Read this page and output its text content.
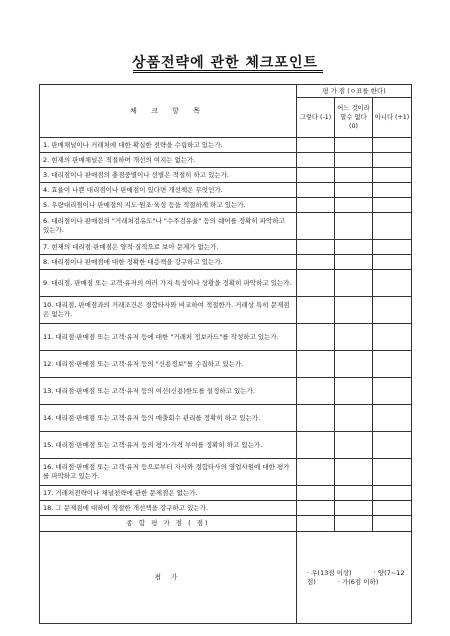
상품전략에 관한 체크포인트
체 크 항 목	평 가 점 (ㅇ표를 한다)		
	그렇다 (-1)	어느 것이라 할수 없다 (0)	아니다 (+1)
1. 판매채널이나 거래처에 대한 확실한 전략을 수립하고 있는가.			
2. 현재의 판매채널은 적절하며 개선의 여지는 없는가.			
3. 대리점이나 판매점의 충점중별이나 선별은 적절히 하고 있는가.			
4. 효율이 나쁜 대리점이나 판매점이 있다면 개선책은 무엇인가.			
5. 우량대리점이나 판매점의 지도·원조·육성 등을 적절하게 하고 있는가.			
6. 대리점이나 판매점의 "거래처검유도"나 "수주검유율" 등의 쉐어를 정확히 파악하고 있는가.			
7. 현재의 대리점·판매점은 양적·질적으로 보아 문제가 없는가.			
8. 대리점이나 판매점에 대한 정확한 대응책을 강구하고 있는가.			
9. 대리점, 판매점 또는 고객·유저의 여러 가지 특성이나 상황을 정확히 파악하고 있는가.			
10. 대리점, 판매점과의 거래조건은 경합타사와 비교하여 적절한가. 거래상 특히 문제점은 없는가.			
11. 대리점·판매점 또는 고객·유저 등에 대한 "거래처 정보카드"를 작성하고 있는가.			
12. 대리점·판매점 또는 고객·유저 등의 "신용정보"를 수집하고 있는가.			
13. 대리점·판매점 또는 고객·유저 등의 여신(신용)한도를 설정하고 있는가.			
14. 대리점·판매점 또는 고객·유저 등의 매출회수 관리를 정확히 하고 있는가.			
15. 대리점·판매점 또는 고객·유저 등의 평가·가격 부여를 정확히 하고 있는가.			
16. 대리점·판매점 또는 고객·유저 등으로부터 자사와 경합타사의 영업사원에 대한 평가를 파악하고 있는가.			
17. 거래처전략이나 채널전략에 관한 문제점은 없는가.			
18. 그 문제점에 대하여 적절한 개선책을 강구하고 있는가.			
종 합 평 가 점 ( 점)			
평 가	· 우(13점 이상) · 양(7~12점) · 가(6점 이하)		
